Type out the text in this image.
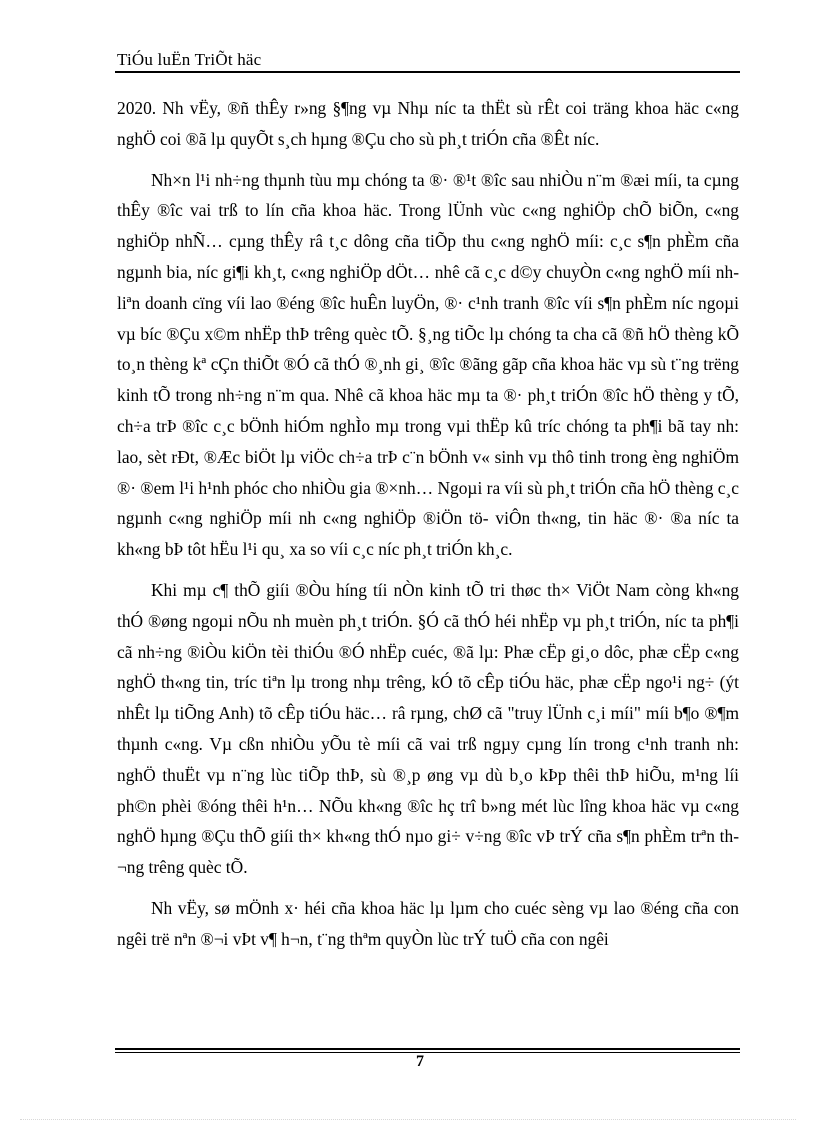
TiÓu luËn TriÕt häc

2020. Nh vËy, ®ñ thÊy r»ng §¶ng vµ Nhµ níc ta thËt sù rÊt coi träng khoa häc c«ng nghÖ coi ®ã lµ quyÕt s¸ch hµng ®Çu cho sù ph¸t triÓn cña ®Êt níc.

Nh×n l¹i nh÷ng thµnh tùu mµ chóng ta ®· ®¹t ®îc sau nhiÒu n¨m ®æi míi, ta cµng thÊy ®îc vai trß to lín cña khoa häc. Trong lÜnh vùc c«ng nghiÖp chÕ biÕn, c«ng nghiÖp nhÑ… cµng thÊy râ t¸c dông cña tiÕp thu c«ng nghÖ míi: c¸c s¶n phÈm cña ngµnh bia, níc gi¶i kh¸t, c«ng nghiÖp dÖt… nhê cã c¸c d©y chuyÒn c«ng nghÖ míi nh liªn doanh cïng víi lao ®éng ®îc huÊn luyÖn, ®· c¹nh tranh ®îc víi s¶n phÈm níc ngoµi vµ bíc ®Çu x©m nhËp thÞ trêng quèc tÕ. §¸ng tiÕc lµ chóng ta cha cã ®ñ hÖ thèng kÕ to¸n thèng kª cÇn thiÕt ®Ó cã thÓ ®¸nh gi¸ ®îc ®ãng gãp cña khoa häc vµ sù t¨ng trëng kinh tÕ trong nh÷ng n¨m qua. Nhê cã khoa häc mµ ta ®· ph¸t triÓn ®îc hÖ thèng y tÕ, ch÷a trÞ ®îc c¸c bÖnh hiÓm nghÌo mµ trong vµi thËp kû tríc chóng ta ph¶i bã tay nh: lao, sèt rÐt, ®Æc biÖt lµ viÖc ch÷a trÞ c¨n bÖnh v« sinh vµ thô tinh trong èng nghiÖm ®· ®em l¹i h¹nh phóc cho nhiÒu gia ®×nh… Ngoµi ra víi sù ph¸t triÓn cña hÖ thèng c¸c ngµnh c«ng nghiÖp míi nh c«ng nghiÖp ®iÖn tö- viÔn th«ng, tin häc ®· ®a níc ta kh«ng bÞ tôt hËu l¹i qu¸ xa so víi c¸c níc ph¸t triÓn kh¸c.

Khi mµ c¶ thÕ giíi ®Òu híng tíi nÒn kinh tÕ tri thøc th× ViÖt Nam còng kh«ng thÓ ®øng ngoµi nÕu nh muèn ph¸t triÓn. §Ó cã thÓ héi nhËp vµ ph¸t triÓn, níc ta ph¶i cã nh÷ng ®iÒu kiÖn tèi thiÓu ®Ó nhËp cuéc, ®ã lµ: Phæ cËp gi¸o dôc, phæ cËp c«ng nghÖ th«ng tin, tríc tiªn lµ trong nhµ trêng, kÓ tõ cÊp tiÓu häc, phæ cËp ngo¹i ng÷ (ýt nhÊt lµ tiÕng Anh) tõ cÊp tiÓu häc… râ rµng, chØ cã "truy lÜnh c¸i míi" míi b¶o ®¶m thµnh c«ng. Vµ cßn nhiÒu yÕu tè míi cã vai trß ngµy cµng lín trong c¹nh tranh nh: nghÖ thuËt vµ n¨ng lùc tiÕp thÞ, sù ®¸p øng vµ dù b¸o kÞp thêi thÞ hiÕu, m¹ng líi ph©n phèi ®óng thêi h¹n… NÕu kh«ng ®îc hç trî b»ng mét lùc lîng khoa häc vµ c«ng nghÖ hµng ®Çu thÕ giíi th× kh«ng thÓ nµo gi÷ v÷ng ®îc vÞ trÝ cña s¶n phÈm trªn th¬ng trêng quèc tÕ.

Nh vËy, sø mÖnh x· héi cña khoa häc lµ lµm cho cuéc sèng vµ lao ®éng cña con ngêi trë nªn ®¬i vÞt v¶ h¬n, t¨ng thªm quyÒn lùc trÝ tuÖ cña con ngêi

7
